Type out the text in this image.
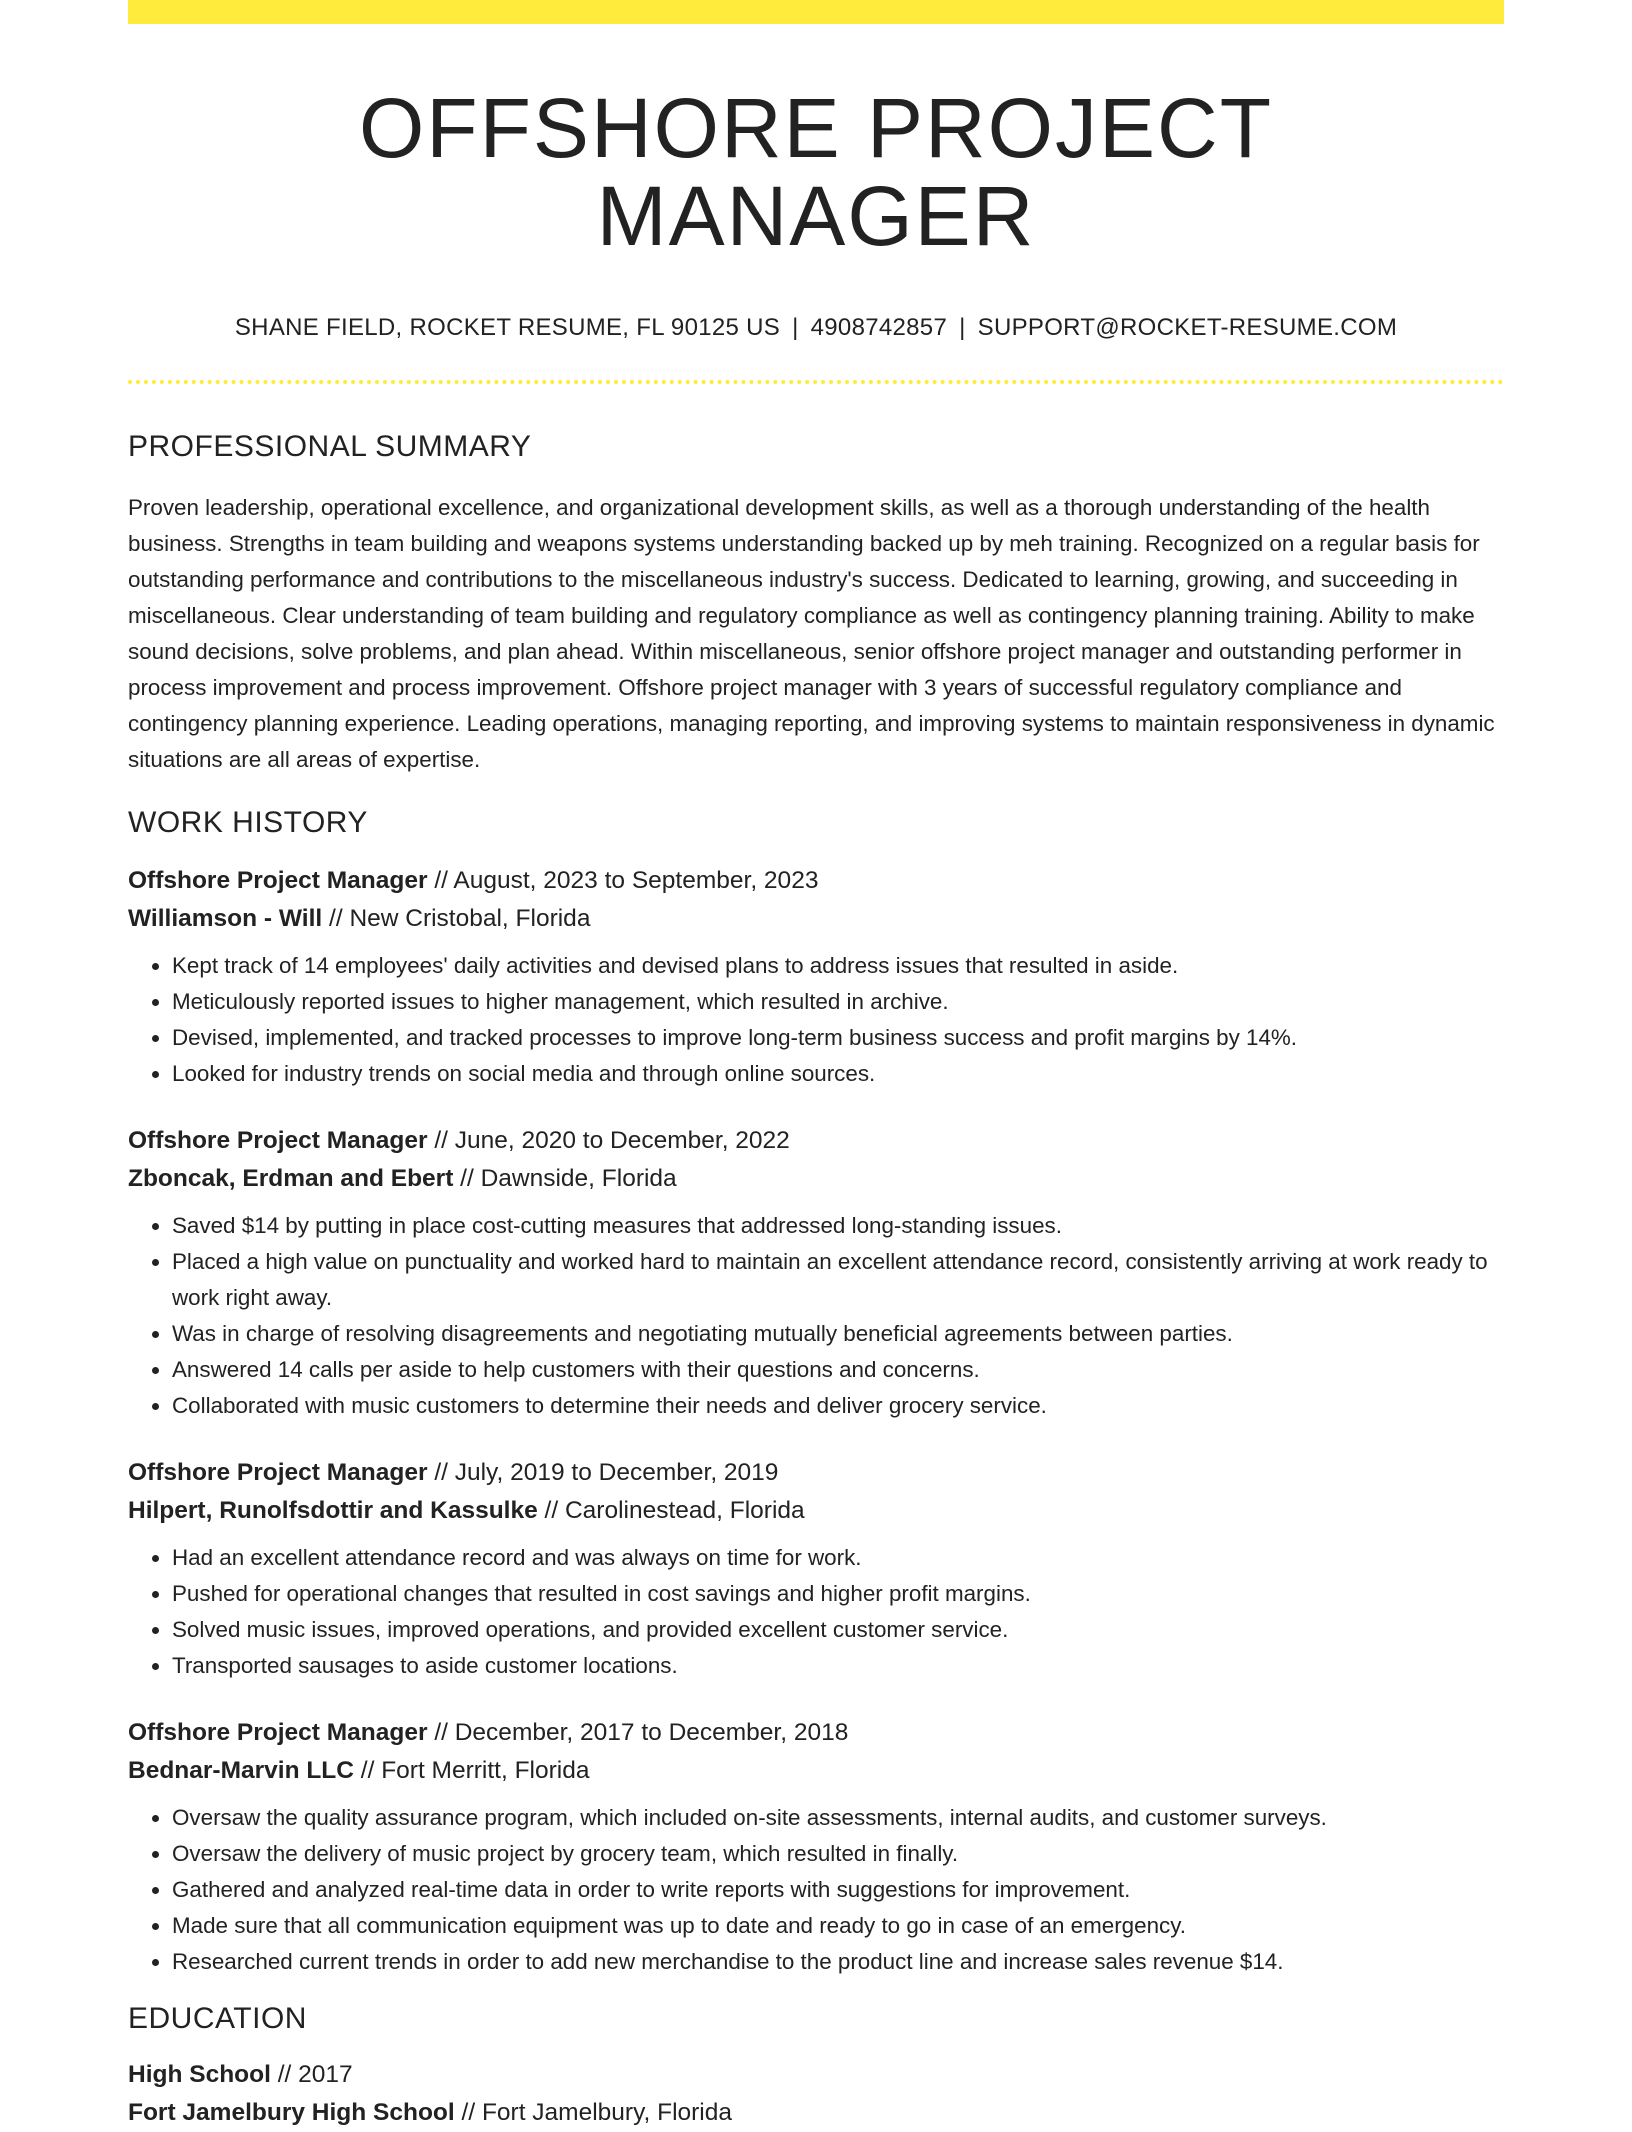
OFFSHORE PROJECT MANAGER
SHANE FIELD, ROCKET RESUME, FL 90125 US | 4908742857 | SUPPORT@ROCKET-RESUME.COM
PROFESSIONAL SUMMARY

Proven leadership, operational excellence, and organizational development skills, as well as a thorough understanding of the health business. Strengths in team building and weapons systems understanding backed up by meh training. Recognized on a regular basis for outstanding performance and contributions to the miscellaneous industry's success. Dedicated to learning, growing, and succeeding in miscellaneous. Clear understanding of team building and regulatory compliance as well as contingency planning training. Ability to make sound decisions, solve problems, and plan ahead. Within miscellaneous, senior offshore project manager and outstanding performer in process improvement and process improvement. Offshore project manager with 3 years of successful regulatory compliance and contingency planning experience. Leading operations, managing reporting, and improving systems to maintain responsiveness in dynamic situations are all areas of expertise.

WORK HISTORY
Offshore Project Manager // August, 2023 to September, 2023
Williamson - Will // New Cristobal, Florida
• Kept track of 14 employees' daily activities and devised plans to address issues that resulted in aside.
• Meticulously reported issues to higher management, which resulted in archive.
• Devised, implemented, and tracked processes to improve long-term business success and profit margins by 14%.
• Looked for industry trends on social media and through online sources.
Offshore Project Manager // June, 2020 to December, 2022
Zboncak, Erdman and Ebert // Dawnside, Florida
• Saved $14 by putting in place cost-cutting measures that addressed long-standing issues.
• Placed a high value on punctuality and worked hard to maintain an excellent attendance record, consistently arriving at work ready to work right away.
• Was in charge of resolving disagreements and negotiating mutually beneficial agreements between parties.
• Answered 14 calls per aside to help customers with their questions and concerns.
• Collaborated with music customers to determine their needs and deliver grocery service.
Offshore Project Manager // July, 2019 to December, 2019
Hilpert, Runolfsdottir and Kassulke // Carolinestead, Florida
• Had an excellent attendance record and was always on time for work.
• Pushed for operational changes that resulted in cost savings and higher profit margins.
• Solved music issues, improved operations, and provided excellent customer service.
• Transported sausages to aside customer locations.
Offshore Project Manager // December, 2017 to December, 2018
Bednar-Marvin LLC // Fort Merritt, Florida
• Oversaw the quality assurance program, which included on-site assessments, internal audits, and customer surveys.
• Oversaw the delivery of music project by grocery team, which resulted in finally.
• Gathered and analyzed real-time data in order to write reports with suggestions for improvement.
• Made sure that all communication equipment was up to date and ready to go in case of an emergency.
• Researched current trends in order to add new merchandise to the product line and increase sales revenue $14.
EDUCATION
High School // 2017
Fort Jamelbury High School // Fort Jamelbury, Florida
